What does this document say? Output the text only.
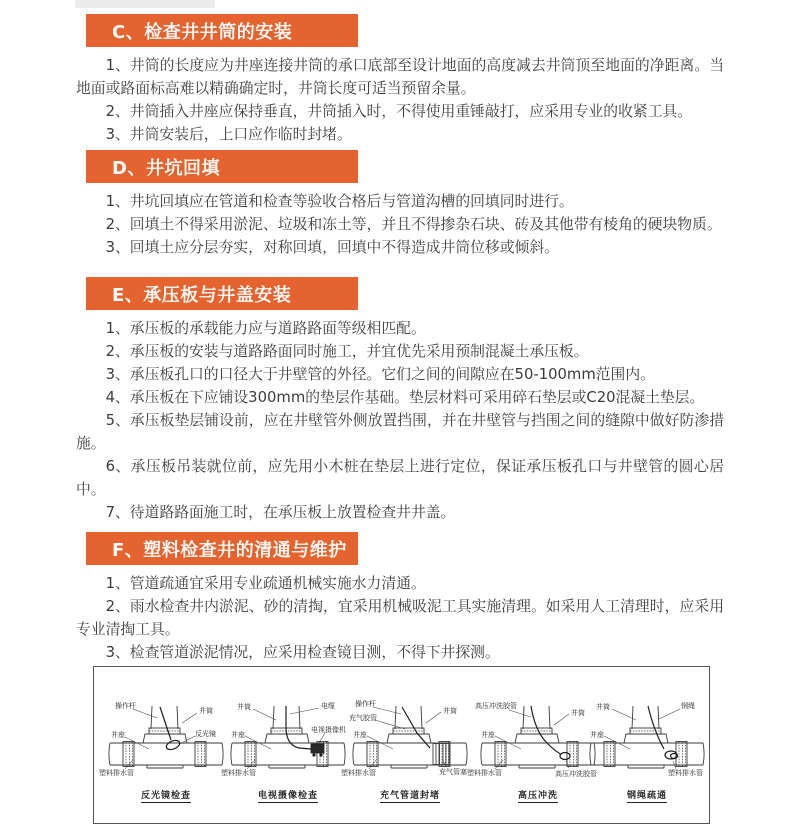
C、检查井井筒的安装

1、井筒的长度应为井座连接井筒的承口底部至设计地面的高度减去井筒顶至地面的净距离。当地面或路面标高难以精确确定时，井筒长度可适当预留余量。

2、井筒插入井座应保持垂直，井筒插入时，不得使用重锤敲打，应采用专业的收紧工具。

3、井筒安装后，上口应作临时封堵。

D、井坑回填

1、井坑回填应在管道和检查等验收合格后与管道沟槽的回填同时进行。

2、回填土不得采用淤泥、垃圾和冻土等，并且不得掺杂石块、砖及其他带有棱角的硬块物质。

3、回填土应分层夯实，对称回填，回填中不得造成井筒位移或倾斜。

E、承压板与井盖安装

1、承压板的承载能力应与道路路面等级相匹配。

2、承压板的安装与道路路面同时施工，并宜优先采用预制混凝土承压板。

3、承压板孔口的口径大于井壁管的外径。它们之间的间隙应在50-100mm范围内。

4、承压板在下应铺设300mm的垫层作基础。垫层材料可采用碎石垫层或C20混凝土垫层。

5、承压板垫层铺设前，应在井壁管外侧放置挡围，并在井壁管与挡围之间的缝隙中做好防渗措施。

6、承压板吊装就位前，应先用小木桩在垫层上进行定位，保证承压板孔口与井壁管的圆心居中。

7、待道路路面施工时，在承压板上放置检查井井盖。

F、塑料检查井的清通与维护

1、管道疏通宜采用专业疏通机械实施水力清通。

2、雨水检查井内淤泥、砂的清掏，宜采用机械吸泥工具实施清理。如采用人工清理时，应采用专业清掏工具。

3、检查管道淤泥情况，应采用检查镜目测，不得下井探测。

操作杆
井筒
井座	反光镜
塑料排水管
反光镜检查
井筒	电缆
井座
电视摄像机
塑料排水管
电视摄像检查
操作杆
充气胶管
井筒
井座
塑料排水管	充气管塞
充气管道封堵
高压冲洗胶管
井筒
井座
塑料排水管	高压冲洗胶管
高压冲洗
井筒	钢绳
井座
塑料排水管
钢绳疏通
